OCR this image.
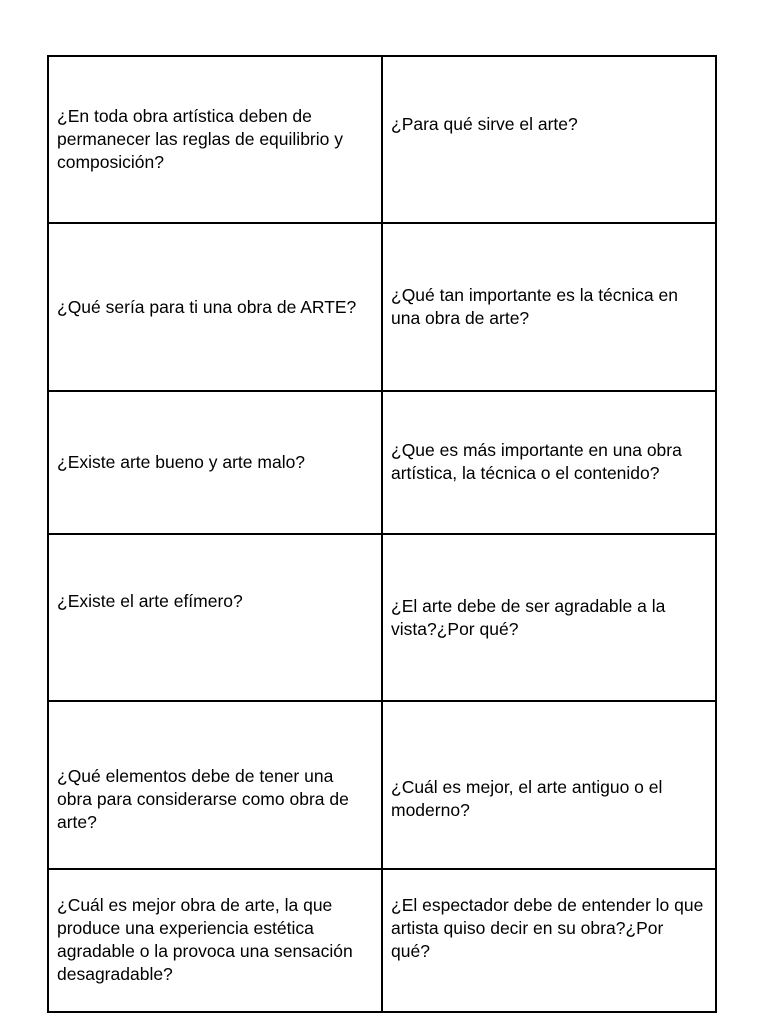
¿En toda obra artística deben de permanecer las reglas de equilibrio y composición?	¿Para qué sirve el arte?

¿Qué sería para ti una obra de ARTE?	¿Qué tan importante es la técnica en una obra de arte?

¿Existe arte bueno y arte malo?	¿Que es más importante en una obra artística, la técnica o el contenido?

¿Existe el arte efímero?	¿El arte debe de ser agradable a la vista?¿Por qué?

¿Qué elementos debe de tener una obra para considerarse como obra de arte?	¿Cuál es mejor, el arte antiguo o el moderno?

¿Cuál es mejor obra de arte, la que produce una experiencia estética agradable o la provoca una sensación desagradable?	¿El espectador debe de entender lo que artista quiso decir en su obra?¿Por qué?
